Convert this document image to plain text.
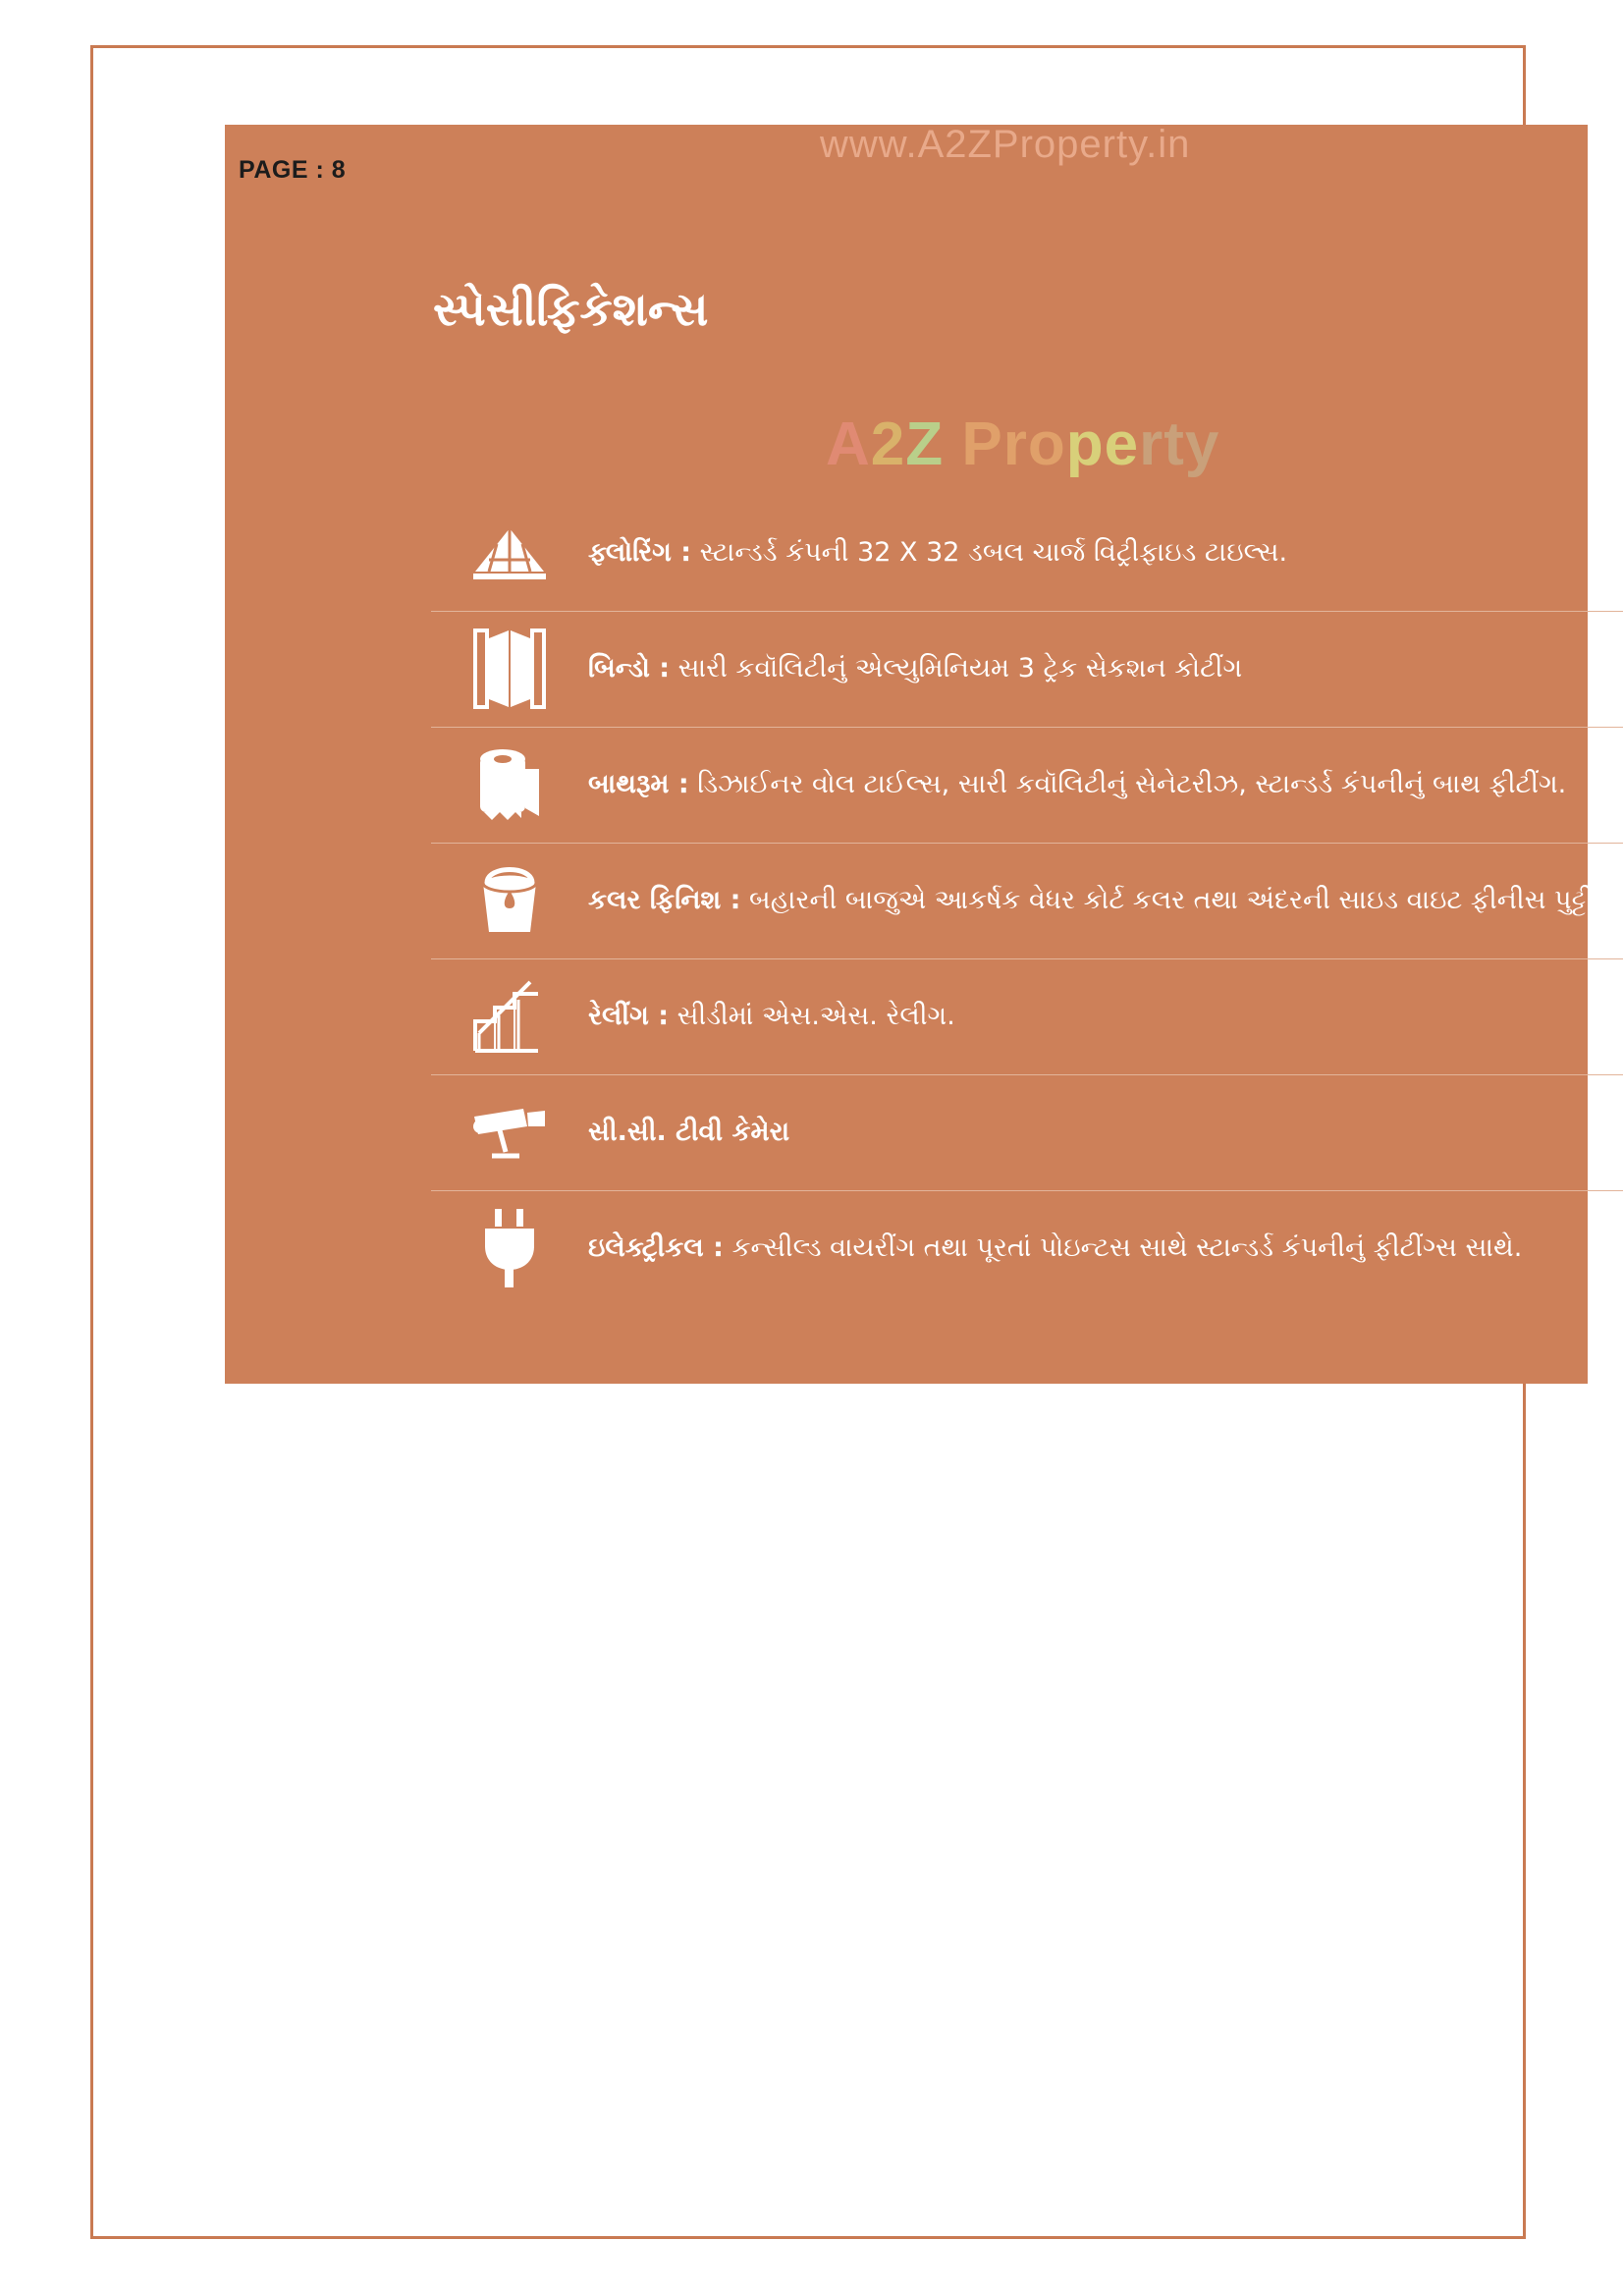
www.A2ZProperty.in
PAGE : 8
સ્પેસીફિકેશન્સ
A2Z Property
ફ્લોરિંગ : સ્ટાન્ડર્ડ કંપની 32 X 32 ડબલ ચાર્જ વિટ્રીફાઇડ ટાઇલ્સ.
બિન્ડો : સારી કવૉલિટીનું એલ્યુમિનિયમ 3 ટ્રેક સેકશન કોટીંગ
બાથરૂમ : ડિઝાઈનર વોલ ટાઈલ્સ, સારી કવૉલિટીનું સેનેટરીઝ, સ્ટાન્ડર્ડ કંપનીનું બાથ ફીટીંગ.
કલર ફિનિશ : બહારની બાજુએ આકર્ષક વેધર કોર્ટ કલર તથા અંદરની સાઇડ વાઇટ ફીનીસ પુટ્ટી.
રેલીંગ : સીડીમાં એસ.એસ. રેલીગ.
સી.સી. ટીવી કેમેરા
ઇલેક્ટ્રીકલ : કન્સીલ્ડ વાયરીંગ તથા પૂરતાં પોઇન્ટસ સાથે સ્ટાન્ડર્ડ કંપનીનું ફીટીંગ્સ સાથે.
